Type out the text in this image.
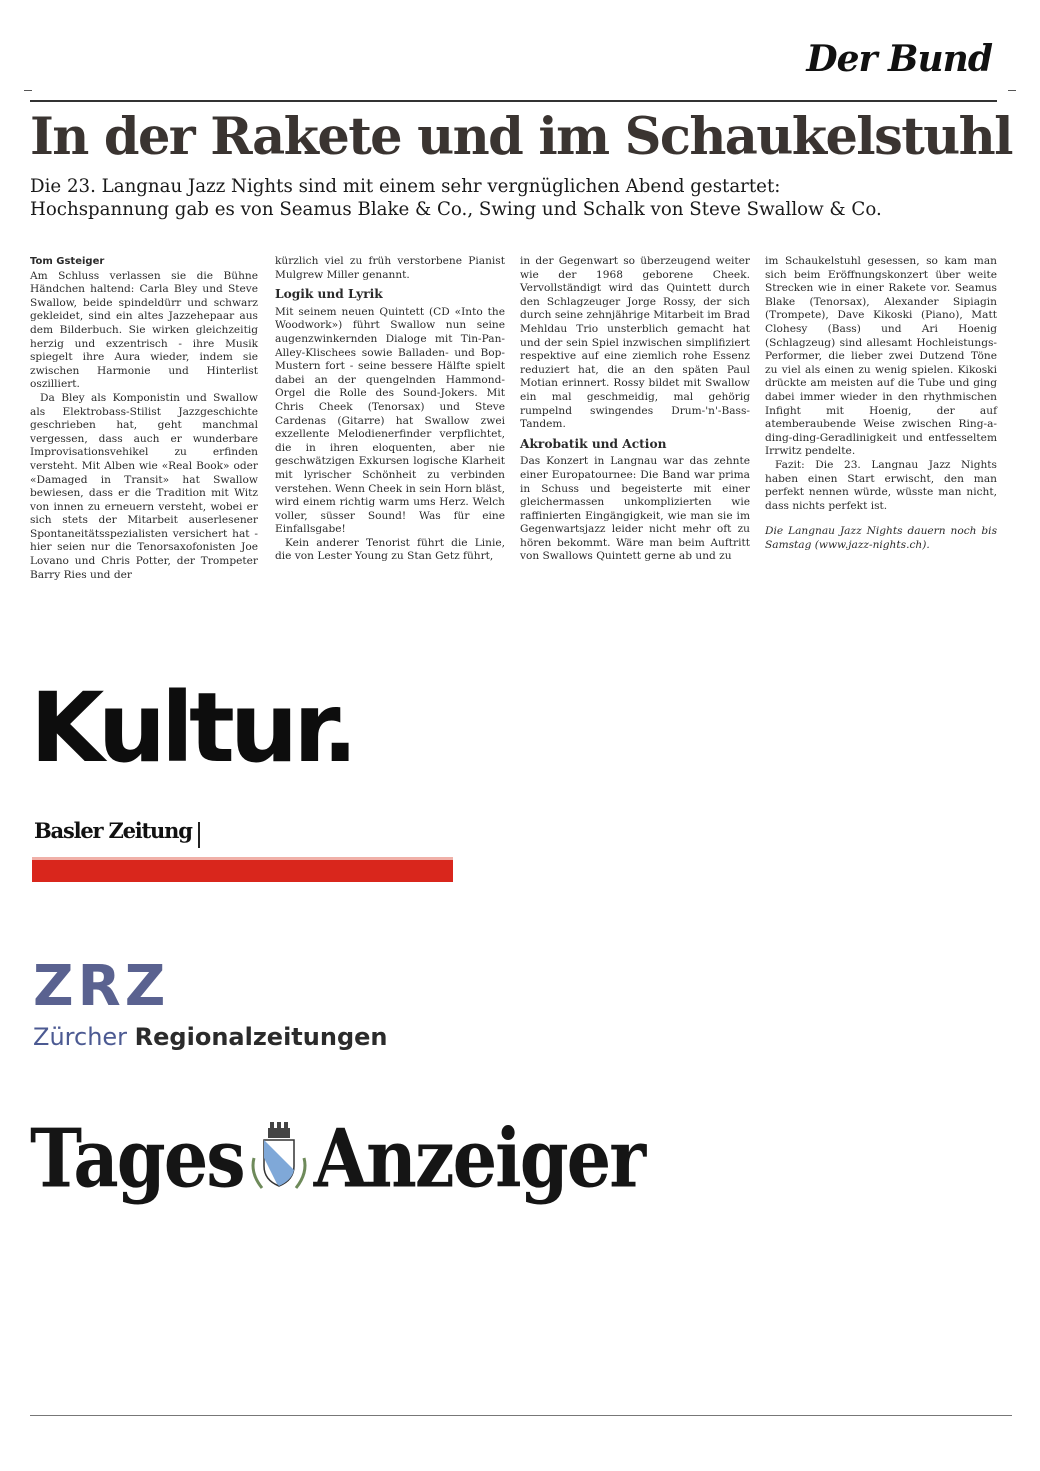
Der Bund
In der Rakete und im Schaukelstuhl
Die 23. Langnau Jazz Nights sind mit einem sehr vergnüglichen Abend gestartet:
Hochspannung gab es von Seamus Blake & Co., Swing und Schalk von Steve Swallow & Co.
Tom Gsteiger

Am Schluss verlassen sie die Bühne Händchen haltend: Carla Bley und Steve Swallow, beide spindeldürr und schwarz gekleidet, sind ein altes Jazzehepaar aus dem Bilderbuch. Sie wirken gleichzeitig herzig und exzentrisch - ihre Musik spiegelt ihre Aura wieder, indem sie zwischen Harmonie und Hinterlist oszilliert.

Da Bley als Komponistin und Swallow als Elektrobass-Stilist Jazzgeschichte geschrieben hat, geht manchmal vergessen, dass auch er wunderbare Improvisationsvehikel zu erfinden versteht. Mit Alben wie «Real Book» oder «Damaged in Transit» hat Swallow bewiesen, dass er die Tradition mit Witz von innen zu erneuern versteht, wobei er sich stets der Mitarbeit auserlesener Spontaneitätsspezialisten versichert hat - hier seien nur die Tenorsaxofonisten Joe Lovano und Chris Potter, der Trompeter Barry Ries und der

kürzlich viel zu früh verstorbene Pianist Mulgrew Miller genannt.

Logik und Lyrik

Mit seinem neuen Quintett (CD «Into the Woodwork») führt Swallow nun seine augenzwinkernden Dialoge mit Tin-Pan-Alley-Klischees sowie Balladen- und Bop-Mustern fort - seine bessere Hälfte spielt dabei an der quengelnden Hammond-Orgel die Rolle des Sound-Jokers. Mit Chris Cheek (Tenorsax) und Steve Cardenas (Gitarre) hat Swallow zwei exzellente Melodienerfinder verpflichtet, die in ihren eloquenten, aber nie geschwätzigen Exkursen logische Klarheit mit lyrischer Schönheit zu verbinden verstehen. Wenn Cheek in sein Horn bläst, wird einem richtig warm ums Herz. Welch voller, süsser Sound! Was für eine Einfallsgabe!

Kein anderer Tenorist führt die Linie, die von Lester Young zu Stan Getz führt,

in der Gegenwart so überzeugend weiter wie der 1968 geborene Cheek. Vervollständigt wird das Quintett durch den Schlagzeuger Jorge Rossy, der sich durch seine zehnjährige Mitarbeit im Brad Mehldau Trio unsterblich gemacht hat und der sein Spiel inzwischen simplifiziert respektive auf eine ziemlich rohe Essenz reduziert hat, die an den späten Paul Motian erinnert. Rossy bildet mit Swallow ein mal geschmeidig, mal gehörig rumpelnd swingendes Drum-'n'-Bass-Tandem.

Akrobatik und Action

Das Konzert in Langnau war das zehnte einer Europatournee: Die Band war prima in Schuss und begeisterte mit einer gleichermassen unkomplizierten wie raffinierten Eingängigkeit, wie man sie im Gegenwartsjazz leider nicht mehr oft zu hören bekommt. Wäre man beim Auftritt von Swallows Quintett gerne ab und zu

im Schaukelstuhl gesessen, so kam man sich beim Eröffnungskonzert über weite Strecken wie in einer Rakete vor. Seamus Blake (Tenorsax), Alexander Sipiagin (Trompete), Dave Kikoski (Piano), Matt Clohesy (Bass) und Ari Hoenig (Schlagzeug) sind allesamt Hochleistungs-Performer, die lieber zwei Dutzend Töne zu viel als einen zu wenig spielen. Kikoski drückte am meisten auf die Tube und ging dabei immer wieder in den rhythmischen Infight mit Hoenig, der auf atemberaubende Weise zwischen Ring-a-ding-ding-Geradlinigkeit und entfesseltem Irrwitz pendelte.

Fazit: Die 23. Langnau Jazz Nights haben einen Start erwischt, den man perfekt nennen würde, wüsste man nicht, dass nichts perfekt ist.

Die Langnau Jazz Nights dauern noch bis Samstag (www.jazz-nights.ch).

Kultur.
Basler Zeitung
ZRZ
Zürcher Regionalzeitungen
Tages Anzeiger
